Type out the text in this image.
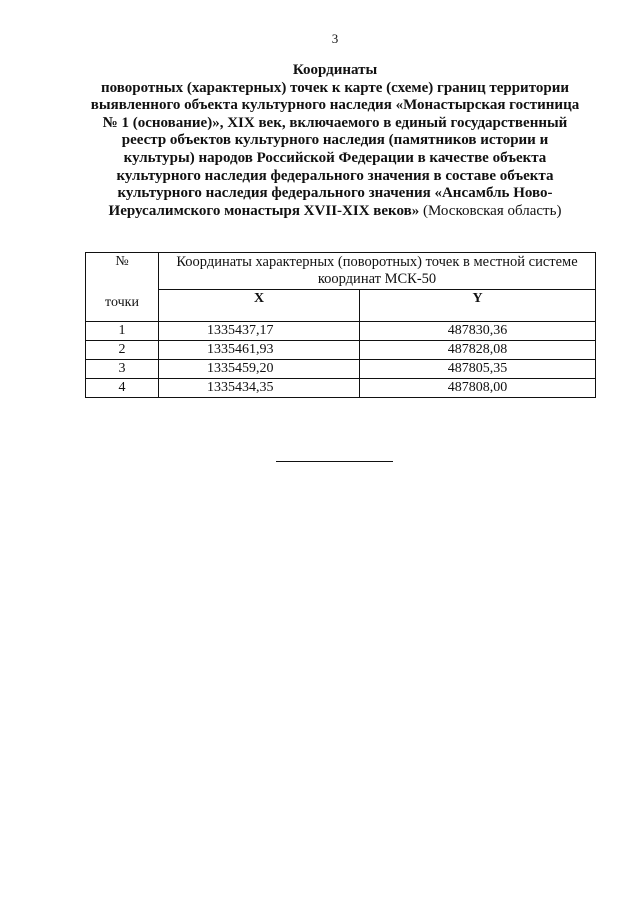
3
Координаты
поворотных (характерных) точек к карте (схеме) границ территории
выявленного объекта культурного наследия «Монастырская гостиница
№ 1 (основание)», XIX век, включаемого в единый государственный
реестр объектов культурного наследия (памятников истории и
культуры) народов Российской Федерации в качестве объекта
культурного наследия федерального значения в составе объекта
культурного наследия федерального значения «Ансамбль Ново-
Иерусалимского монастыря XVII-XIX веков» (Московская область)
№
точки	Координаты характерных (поворотных) точек в местной системе координат МСК-50	
	X	Y
1	1335437,17	487830,36
2	1335461,93	487828,08
3	1335459,20	487805,35
4	1335434,35	487808,00
